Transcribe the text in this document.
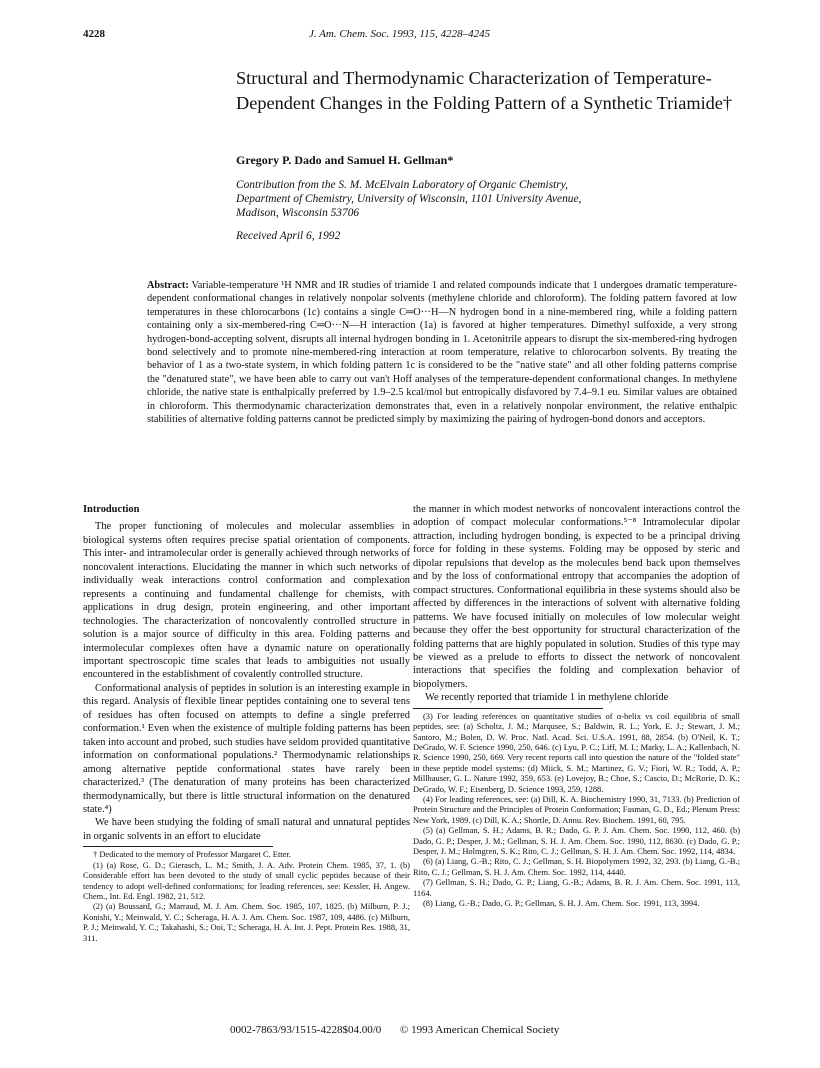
4228	J. Am. Chem. Soc. 1993, 115, 4228–4245
Structural and Thermodynamic Characterization of Temperature-Dependent Changes in the Folding Pattern of a Synthetic Triamide†
Gregory P. Dado and Samuel H. Gellman*
Contribution from the S. M. McElvain Laboratory of Organic Chemistry,
Department of Chemistry, University of Wisconsin, 1101 University Avenue,
Madison, Wisconsin 53706
Received April 6, 1992
Abstract: Variable-temperature ¹H NMR and IR studies of triamide 1 and related compounds indicate that 1 undergoes dramatic temperature-dependent conformational changes in relatively nonpolar solvents (methylene chloride and chloroform). The folding pattern favored at low temperatures in these chlorocarbons (1c) contains a single C═O···H—N hydrogen bond in a nine-membered ring, while a folding pattern containing only a six-membered-ring C═O···N—H interaction (1a) is favored at higher temperatures. Dimethyl sulfoxide, a very strong hydrogen-bond-accepting solvent, disrupts all internal hydrogen bonding in 1. Acetonitrile appears to disrupt the six-membered-ring hydrogen bond selectively and to promote nine-membered-ring interaction at room temperature, relative to chlorocarbon solvents. By treating the behavior of 1 as a two-state system, in which folding pattern 1c is considered to be the "native state" and all other folding patterns comprise the "denatured state", we have been able to carry out van't Hoff analyses of the temperature-dependent conformational changes. In methylene chloride, the native state is enthalpically preferred by 1.9–2.5 kcal/mol but entropically disfavored by 7.4–9.1 eu. Similar values are obtained in chloroform. This thermodynamic characterization demonstrates that, even in a relatively nonpolar environment, the relative enthalpic stabilities of alternative folding patterns cannot be predicted simply by maximizing the pairing of hydrogen-bond donors and acceptors.
Introduction

The proper functioning of molecules and molecular assemblies in biological systems often requires precise spatial orientation of components. This inter- and intramolecular order is generally achieved through networks of noncovalent interactions. Elucidating the manner in which such networks of individually weak interactions control conformation and complexation represents a continuing and fundamental challenge for chemists, with applications in drug design, protein engineering, and other important technologies. The characterization of noncovalently controlled structure in solution is a major source of difficulty in this area. Folding patterns and intermolecular complexes often have a dynamic nature on operationally important spectroscopic time scales that leads to ambiguities not usually encountered in the establishment of covalently controlled structure.

Conformational analysis of peptides in solution is an interesting example in this regard. Analysis of flexible linear peptides containing one to several tens of residues has often focused on attempts to define a single preferred conformation.¹ Even when the existence of multiple folding patterns has been taken into account and probed, such studies have seldom provided quantitative information on conformational populations.² Thermodynamic relationships among alternative peptide conformational states have rarely been characterized.³ (The denaturation of many proteins has been characterized thermodynamically, but there is little structural information on the denatured state.⁴)

We have been studying the folding of small natural and unnatural peptides in organic solvents in an effort to elucidate

† Dedicated to the memory of Professor Margaret C. Etter.

(1) (a) Rose, G. D.; Gierasch, L. M.; Smith, J. A. Adv. Protein Chem. 1985, 37, 1. (b) Considerable effort has been devoted to the study of small cyclic peptides because of their tendency to adopt well-defined conformations; for leading references, see: Kessler, H. Angew. Chem., Int. Ed. Engl. 1982, 21, 512.

(2) (a) Boussard, G.; Marraud, M. J. Am. Chem. Soc. 1985, 107, 1825. (b) Milburn, P. J.; Konishi, Y.; Meinwald, Y. C.; Scheraga, H. A. J. Am. Chem. Soc. 1987, 109, 4486. (c) Milburn, P. J.; Meinwald, Y. C.; Takahashi, S.; Ooi, T.; Scheraga, H. A. Int. J. Pept. Protein Res. 1988, 31, 311.

the manner in which modest networks of noncovalent interactions control the adoption of compact molecular conformations.⁵⁻⁸ Intramolecular dipolar attraction, including hydrogen bonding, is expected to be a principal driving force for folding in these systems. Folding may be opposed by steric and dipolar repulsions that develop as the molecules bend back upon themselves and by the loss of conformational entropy that accompanies the adoption of compact structures. Conformational equilibria in these systems should also be affected by differences in the interactions of solvent with alternative folding patterns. We have focused initially on molecules of low molecular weight because they offer the best opportunity for structural characterization of the folding patterns that are highly populated in solution. Studies of this type may be viewed as a prelude to efforts to dissect the network of noncovalent interactions that specifies the folding and complexation behavior of biopolymers.

We recently reported that triamide 1 in methylene chloride

(3) For leading references on quantitative studies of α-helix vs coil equilibria of small peptides, see: (a) Scholtz, J. M.; Marqusee, S.; Baldwin, R. L.; York, E. J.; Stewart, J. M.; Santoro, M.; Bolen, D. W. Proc. Natl. Acad. Sci. U.S.A. 1991, 88, 2854. (b) O'Neil, K. T.; DeGrado, W. F. Science 1990, 250, 646. (c) Lyu, P. C.; Liff, M. I.; Marky, L. A.; Kallenbach, N. R. Science 1990, 250, 669. Very recent reports call into question the nature of the "folded state" in these peptide model systems: (d) Miick, S. M.; Martinez, G. V.; Fiori, W. R.; Todd, A. P.; Millhauser, G. L. Nature 1992, 359, 653. (e) Lovejoy, B.; Choe, S.; Cascio, D.; McRorie, D. K.; DeGrado, W. F.; Eisenberg, D. Science 1993, 259, 1288.

(4) For leading references, see: (a) Dill, K. A. Biochemistry 1990, 31, 7133. (b) Prediction of Protein Structure and the Principles of Protein Conformation; Fasman, G. D., Ed.; Plenum Press: New York, 1989. (c) Dill, K. A.; Shortle, D. Annu. Rev. Biochem. 1991, 60, 795.

(5) (a) Gellman, S. H.; Adams, B. R.; Dado, G. P. J. Am. Chem. Soc. 1990, 112, 460. (b) Dado, G. P.; Desper, J. M.; Gellman, S. H. J. Am. Chem. Soc. 1990, 112, 8630. (c) Dado, G. P.; Desper, J. M.; Holmgren, S. K.; Rito, C. J.; Gellman, S. H. J. Am. Chem. Soc. 1992, 114, 4834.

(6) (a) Liang, G.-B.; Rito, C. J.; Gellman, S. H. Biopolymers 1992, 32, 293. (b) Liang, G.-B.; Rito, C. J.; Gellman, S. H. J. Am. Chem. Soc. 1992, 114, 4440.

(7) Gellman, S. H.; Dado, G. P.; Liang, G.-B.; Adams, B. R. J. Am. Chem. Soc. 1991, 113, 1164.

(8) Liang, G.-B.; Dado, G. P.; Gellman, S. H. J. Am. Chem. Soc. 1991, 113, 3994.

0002-7863/93/1515-4228$04.00/0 © 1993 American Chemical Society
